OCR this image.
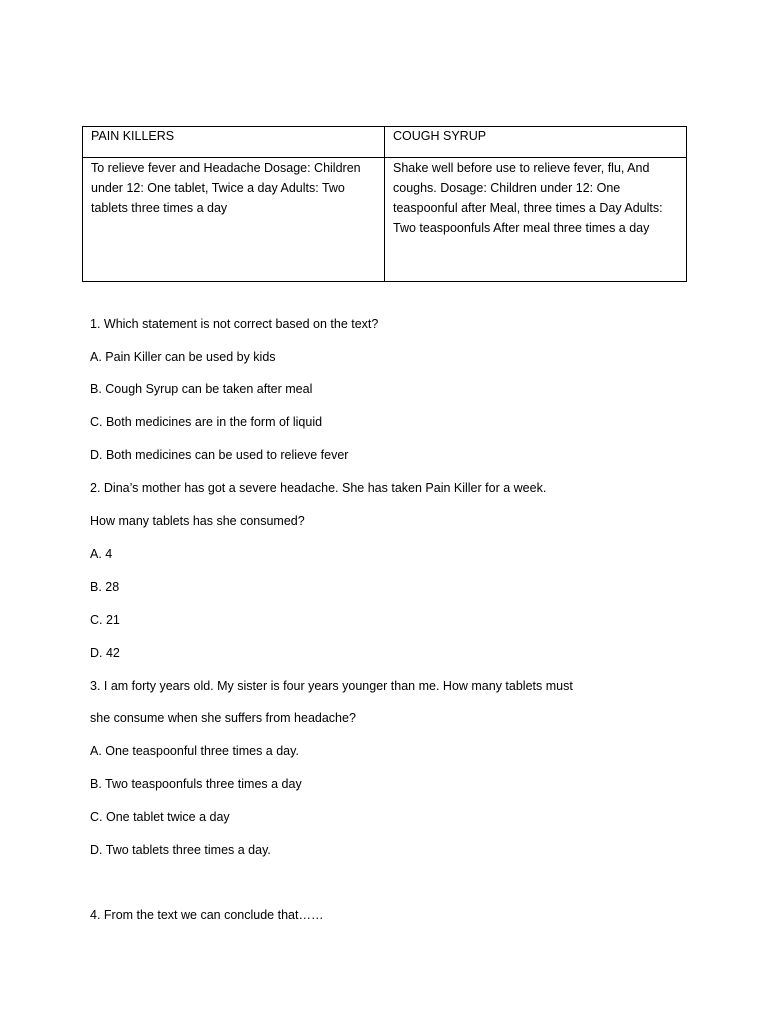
PAIN KILLERS	COUGH SYRUP

To relieve fever and Headache Dosage: Children under 12: One tablet, Twice a day Adults: Two tablets three times a day	Shake well before use to relieve fever, flu, And coughs. Dosage: Children under 12: One teaspoonful after Meal, three times a Day Adults: Two teaspoonfuls After meal three times a day
1. Which statement is not correct based on the text?
A. Pain Killer can be used by kids
B. Cough Syrup can be taken after meal
C. Both medicines are in the form of liquid
D. Both medicines can be used to relieve fever
2. Dina’s mother has got a severe headache. She has taken Pain Killer for a week.
How many tablets has she consumed?
A. 4
B. 28
C. 21
D. 42
3. I am forty years old. My sister is four years younger than me. How many tablets must
she consume when she suffers from headache?
A. One teaspoonful three times a day.
B. Two teaspoonfuls three times a day
C. One tablet twice a day
D. Two tablets three times a day.
4. From the text we can conclude that……
